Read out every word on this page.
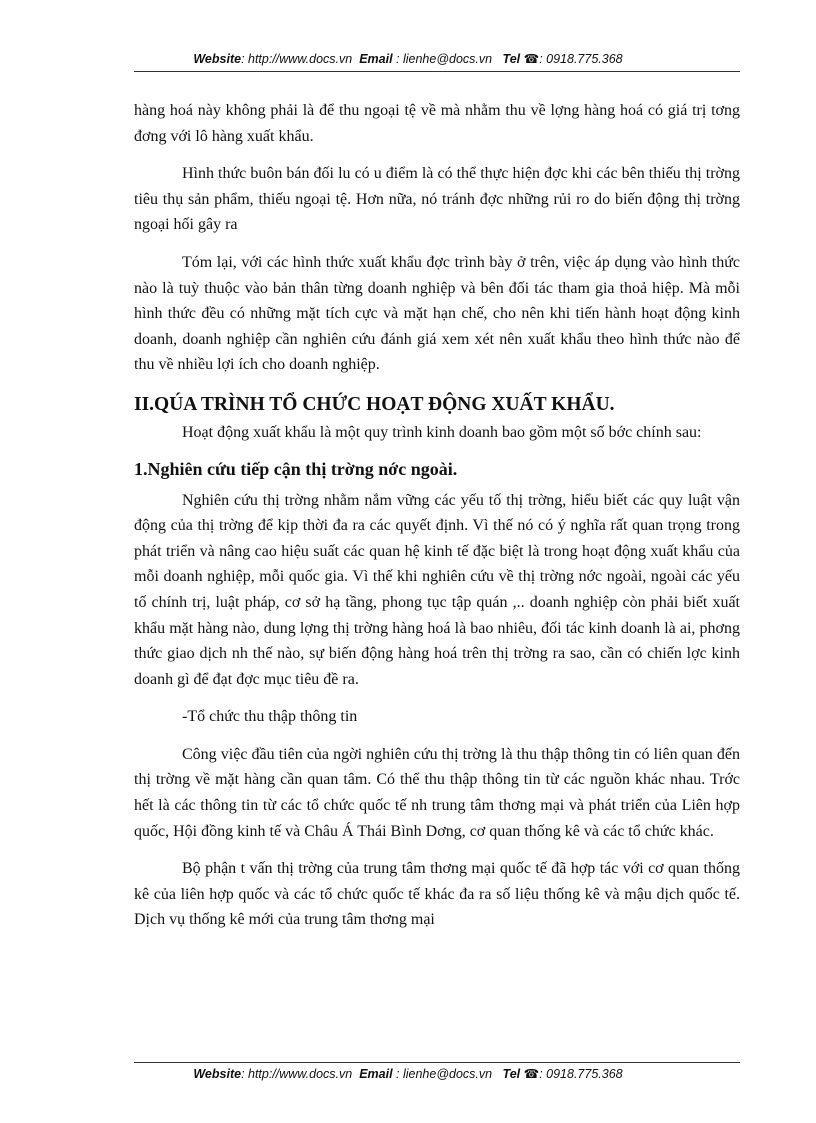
Website: http://www.docs.vn Email : lienhe@docs.vn Tel ☎: 0918.775.368

hàng hoá này không phải là để thu ngoại tệ về mà nhằm thu về lợng hàng hoá có giá trị tơng đơng với lô hàng xuất khẩu.

Hình thức buôn bán đối lu có u điểm là có thể thực hiện đợc khi các bên thiếu thị trờng tiêu thụ sản phẩm, thiếu ngoại tệ. Hơn nữa, nó tránh đợc những rủi ro do biến động thị trờng ngoại hối gây ra

Tóm lại, với các hình thức xuất khẩu đợc trình bày ở trên, việc áp dụng vào hình thức nào là tuỳ thuộc vào bản thân từng doanh nghiệp và bên đối tác tham gia thoả hiệp. Mà mỗi hình thức đều có những mặt tích cực và mặt hạn chế, cho nên khi tiến hành hoạt động kinh doanh, doanh nghiệp cần nghiên cứu đánh giá xem xét nên xuất khẩu theo hình thức nào để thu về nhiều lợi ích cho doanh nghiệp.

II.QÚA TRÌNH TỔ CHỨC HOẠT ĐỘNG XUẤT KHẨU.

Hoạt động xuất khẩu là một quy trình kinh doanh bao gồm một số bớc chính sau:

1.Nghiên cứu tiếp cận thị trờng nớc ngoài.

Nghiên cứu thị trờng nhằm nắm vững các yếu tố thị trờng, hiểu biết các quy luật vận động của thị trờng để kịp thời đa ra các quyết định. Vì thế nó có ý nghĩa rất quan trọng trong phát triển và nâng cao hiệu suất các quan hệ kinh tế đặc biệt là trong hoạt động xuất khẩu của mỗi doanh nghiệp, mỗi quốc gia. Vì thế khi nghiên cứu về thị trờng nớc ngoài, ngoài các yếu tố chính trị, luật pháp, cơ sở hạ tầng, phong tục tập quán ,.. doanh nghiệp còn phải biết xuất khẩu mặt hàng nào, dung lợng thị trờng hàng hoá là bao nhiêu, đối tác kinh doanh là ai, phơng thức giao dịch nh thế nào, sự biến động hàng hoá trên thị trờng ra sao, cần có chiến lợc kinh doanh gì để đạt đợc mục tiêu đề ra.

-Tổ chức thu thập thông tin

Công việc đầu tiên của ngời nghiên cứu thị trờng là thu thập thông tin có liên quan đến thị trờng về mặt hàng cần quan tâm. Có thể thu thập thông tin từ các nguồn khác nhau. Trớc hết là các thông tin từ các tổ chức quốc tế nh trung tâm thơng mại và phát triển của Liên hợp quốc, Hội đồng kinh tế và Châu Á Thái Bình Dơng, cơ quan thống kê và các tổ chức khác.

Bộ phận t vấn thị trờng của trung tâm thơng mại quốc tế đã hợp tác với cơ quan thống kê của liên hợp quốc và các tổ chức quốc tế khác đa ra số liệu thống kê và mậu dịch quốc tế. Dịch vụ thống kê mới của trung tâm thơng mại

Website: http://www.docs.vn Email : lienhe@docs.vn Tel ☎: 0918.775.368
